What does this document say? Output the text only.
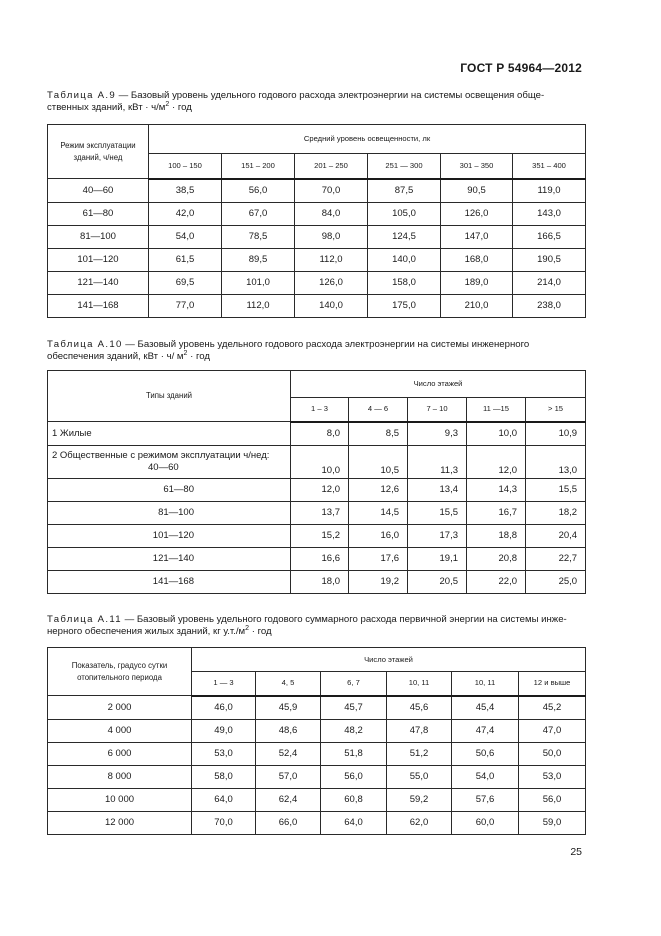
ГОСТ Р 54964—2012
Таблица А.9 — Базовый уровень удельного годового расхода электроэнергии на системы освещения обще-
ственных зданий, кВт · $ч/м^2$ · год
Режим эксплуатации зданий, ч/нед	Средний уровень освещенности, лк					
	100 – 150	151 – 200	201 – 250	251 — 300	301 – 350	351 – 400
40—60	38,5	56,0	70,0	87,5	90,5	119,0
61—80	42,0	67,0	84,0	105,0	126,0	143,0
81—100	54,0	78,5	98,0	124,5	147,0	166,5
101—120	61,5	89,5	112,0	140,0	168,0	190,5
121—140	69,5	101,0	126,0	158,0	189,0	214,0
141—168	77,0	112,0	140,0	175,0	210,0	238,0
Таблица А.10 — Базовый уровень удельного годового расхода электроэнергии на системы инженерного
обеспечения зданий, кВт · ч/ $м^2$ · год
Типы зданий	Число этажей				
	1 – 3	4 — 6	7 – 10	11 —15	> 15
1 Жилые	8,0	8,5	9,3	10,0	10,9

2 Общественные с режимом эксплуатации ч/нед:
40—60	10,0	10,5	11,3	12,0	13,0
61—80	12,0	12,6	13,4	14,3	15,5
81—100	13,7	14,5	15,5	16,7	18,2
101—120	15,2	16,0	17,3	18,8	20,4
121—140	16,6	17,6	19,1	20,8	22,7
141—168	18,0	19,2	20,5	22,0	25,0
Таблица А.11 — Базовый уровень удельного годового суммарного расхода первичной энергии на системы инже-
нерного обеспечения жилых зданий, кг $у.т./м^2$ · год
Показатель, градусо сутки отопительного периода	Число этажей					
	1 — 3	4, 5	6, 7	10, 11	10, 11	12 и выше
2 000	46,0	45,9	45,7	45,6	45,4	45,2
4 000	49,0	48,6	48,2	47,8	47,4	47,0
6 000	53,0	52,4	51,8	51,2	50,6	50,0
8 000	58,0	57,0	56,0	55,0	54,0	53,0
10 000	64,0	62,4	60,8	59,2	57,6	56,0
12 000	70,0	66,0	64,0	62,0	60,0	59,0
25
